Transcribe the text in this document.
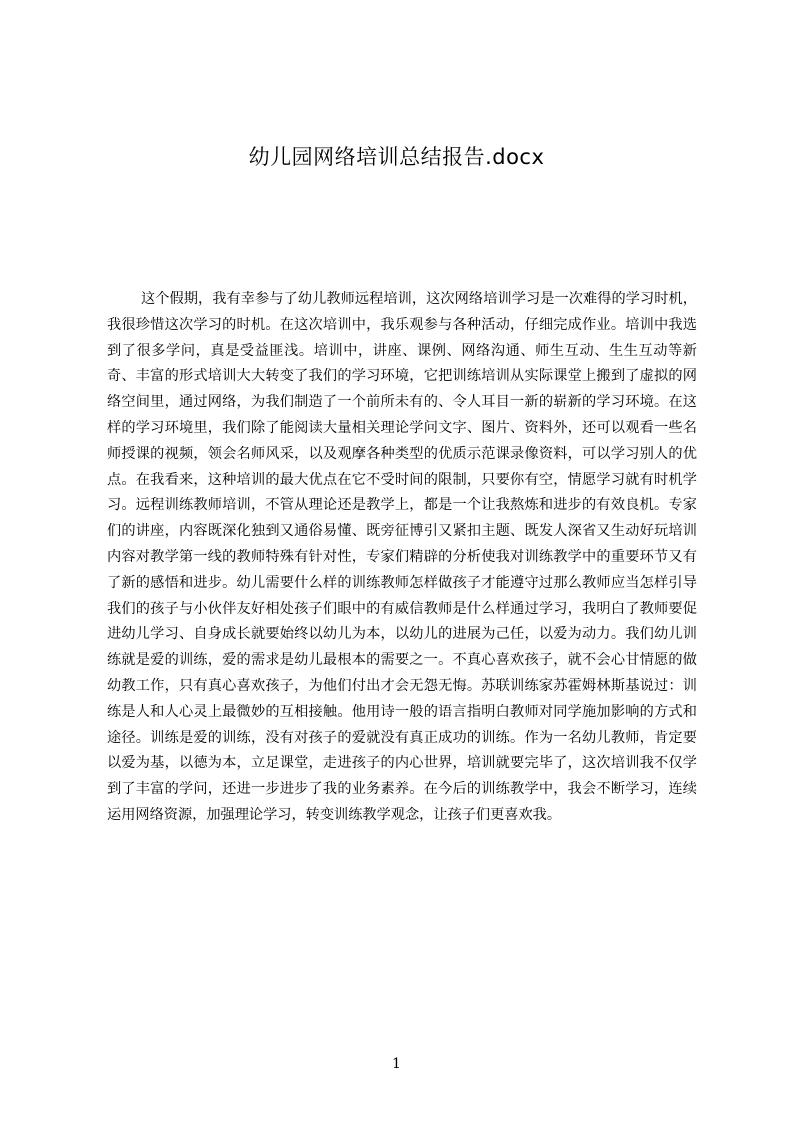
幼儿园网络培训总结报告.docx

这个假期，我有幸参与了幼儿教师远程培训，这次网络培训学习是一次难得的学习时机，我很珍惜这次学习的时机。在这次培训中，我乐观参与各种活动，仔细完成作业。培训中我选到了很多学问，真是受益匪浅。培训中，讲座、课例、网络沟通、师生互动、生生互动等新奇、丰富的形式培训大大转变了我们的学习环境，它把训练培训从实际课堂上搬到了虚拟的网络空间里，通过网络，为我们制造了一个前所未有的、令人耳目一新的崭新的学习环境。在这样的学习环境里，我们除了能阅读大量相关理论学问文字、图片、资料外，还可以观看一些名师授课的视频，领会名师风采，以及观摩各种类型的优质示范课录像资料，可以学习别人的优点。在我看来，这种培训的最大优点在它不受时间的限制，只要你有空，情愿学习就有时机学习。远程训练教师培训，不管从理论还是教学上，都是一个让我熬炼和进步的有效良机。专家们的讲座，内容既深化独到又通俗易懂、既旁征博引又紧扣主题、既发人深省又生动好玩培训内容对教学第一线的教师特殊有针对性，专家们精辟的分析使我对训练教学中的重要环节又有了新的感悟和进步。幼儿需要什么样的训练教师怎样做孩子才能遵守过那么教师应当怎样引导我们的孩子与小伙伴友好相处孩子们眼中的有威信教师是什么样通过学习，我明白了教师要促进幼儿学习、自身成长就要始终以幼儿为本，以幼儿的进展为己任，以爱为动力。我们幼儿训练就是爱的训练，爱的需求是幼儿最根本的需要之一。不真心喜欢孩子，就不会心甘情愿的做幼教工作，只有真心喜欢孩子，为他们付出才会无怨无悔。苏联训练家苏霍姆林斯基说过：训练是人和人心灵上最微妙的互相接触。他用诗一般的语言指明白教师对同学施加影响的方式和途径。训练是爱的训练，没有对孩子的爱就没有真正成功的训练。作为一名幼儿教师，肯定要以爱为基，以德为本，立足课堂，走进孩子的内心世界，培训就要完毕了，这次培训我不仅学到了丰富的学问，还进一步进步了我的业务素养。在今后的训练教学中，我会不断学习，连续运用网络资源，加强理论学习，转变训练教学观念，让孩子们更喜欢我。

1
